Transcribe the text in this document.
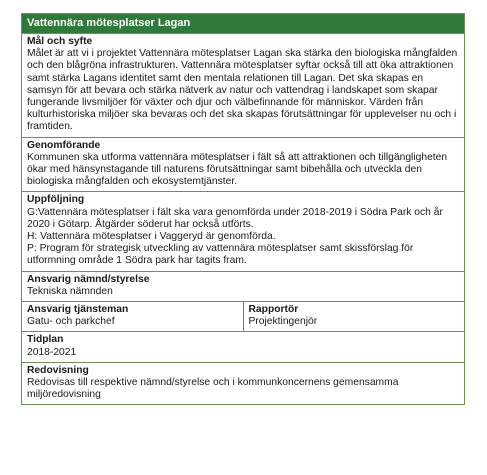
Vattennära mötesplatser Lagan
Mål och syfte
Målet är att vi i projektet Vattennära mötesplatser Lagan ska stärka den biologiska mångfalden och den blågröna infrastrukturen. Vattennära mötesplatser syftar också till att öka attraktionen samt stärka Lagans identitet samt den mentala relationen till Lagan. Det ska skapas en samsyn för att bevara och stärka nätverk av natur och vattendrag i landskapet som skapar fungerande livsmiljöer för växter och djur och välbefinnande för människor. Värden från kulturhistoriska miljöer ska bevaras och det ska skapas förutsättningar för upplevelser nu och i framtiden.
Genomförande
Kommunen ska utforma vattennära mötesplatser i fält så att attraktionen och tillgängligheten ökar med hänsynstagande till naturens förutsättningar samt bibehålla och utveckla den biologiska mångfalden och ekosystemtjänster.
Uppföljning

G:Vattennära mötesplatser i fält ska vara genomförda under 2018-2019 i Södra Park och år 2020 i Götarp. Åtgärder söderut har också utförts.

H: Vattennära mötesplatser i Vaggeryd är genomförda.

P: Program för strategisk utveckling av vattennära mötesplatser samt skissförslag för utformning område 1 Södra park har tagits fram.

Ansvarig nämnd/styrelse
Tekniska nämnden
Ansvarig tjänsteman
Gatu- och parkchef
Rapportör
Projektingenjör
Tidplan
2018-2021
Redovisning
Redovisas till respektive nämnd/styrelse och i kommunkoncernens gemensamma miljöredovisning
